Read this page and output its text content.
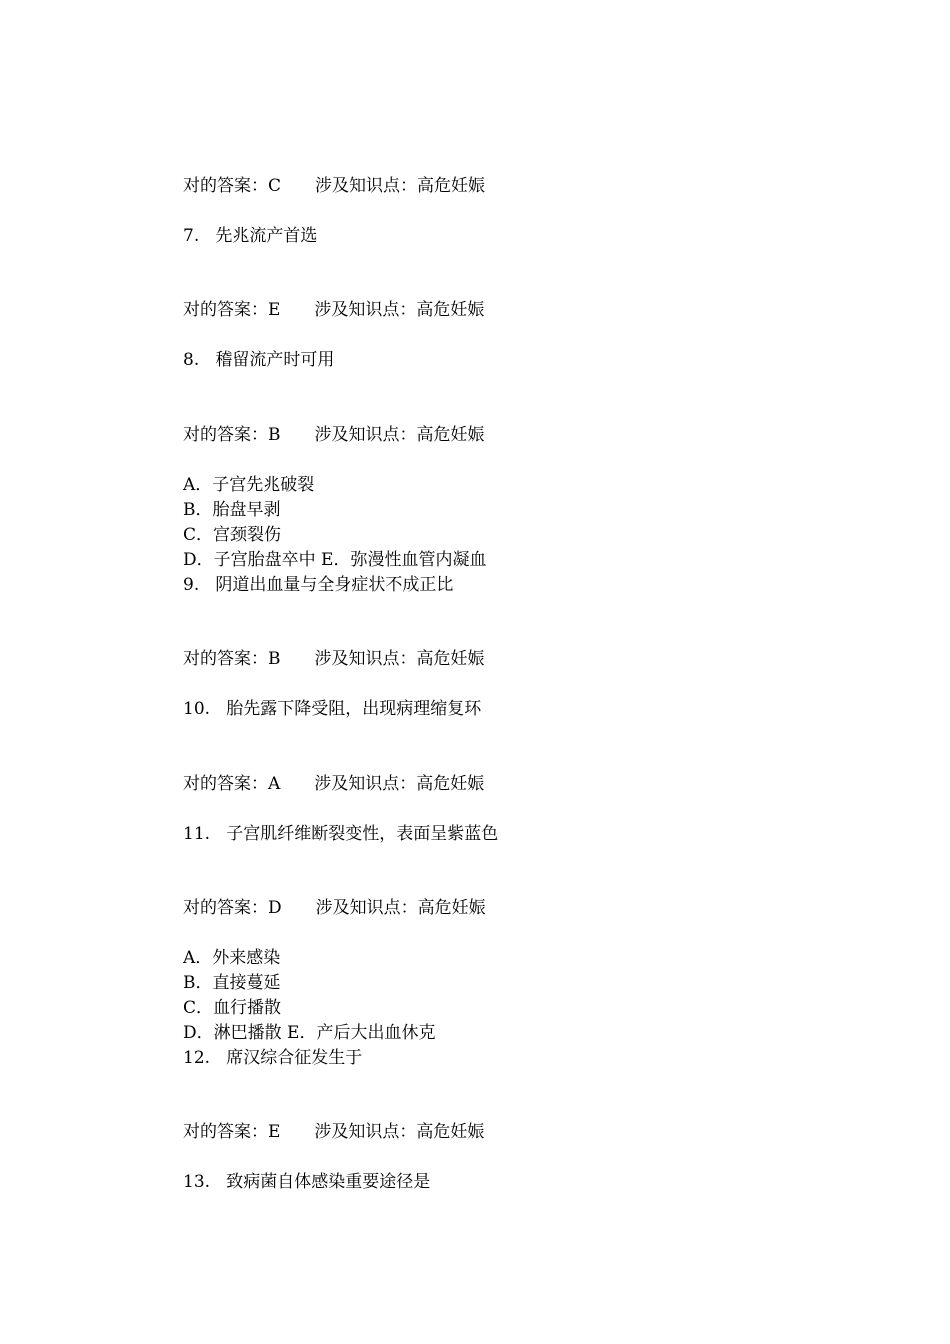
对的答案：C 涉及知识点：高危妊娠

7.   先兆流产首选

对的答案：E 涉及知识点：高危妊娠

8.   稽留流产时可用

对的答案：B 涉及知识点：高危妊娠

A．子宫先兆破裂

B．胎盘早剥

C．宫颈裂伤

D．子宫胎盘卒中 E．弥漫性血管内凝血

9.   阴道出血量与全身症状不成正比

对的答案：B 涉及知识点：高危妊娠

10.   胎先露下降受阻，出现病理缩复环

对的答案：A 涉及知识点：高危妊娠

11.   子宫肌纤维断裂变性，表面呈紫蓝色

对的答案：D 涉及知识点：高危妊娠

A．外来感染

B．直接蔓延

C．血行播散

D．淋巴播散 E．产后大出血休克

12.   席汉综合征发生于

对的答案：E 涉及知识点：高危妊娠

13.   致病菌自体感染重要途径是
